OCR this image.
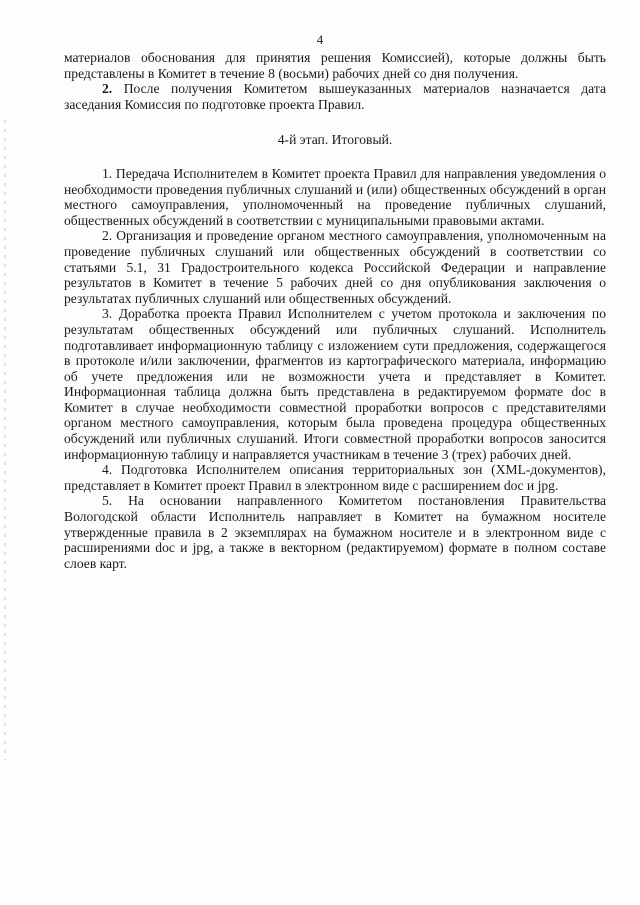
4

материалов обоснования для принятия решения Комиссией), которые должны быть представлены в Комитет в течение 8 (восьми) рабочих дней со дня получения.

2. После получения Комитетом вышеуказанных материалов назначается дата заседания Комиссия по подготовке проекта Правил.

4-й этап. Итоговый.

1. Передача Исполнителем в Комитет проекта Правил для направления уведомления о необходимости проведения публичных слушаний и (или) общественных обсуждений в орган местного самоуправления, уполномоченный на проведение публичных слушаний, общественных обсуждений в соответствии с муниципальными правовыми актами.

2. Организация и проведение органом местного самоуправления, уполномоченным на проведение публичных слушаний или общественных обсуждений в соответствии со статьями 5.1, 31 Градостроительного кодекса Российской Федерации и направление результатов в Комитет в течение 5 рабочих дней со дня опубликования заключения о результатах публичных слушаний или общественных обсуждений.

3. Доработка проекта Правил Исполнителем с учетом протокола и заключения по результатам общественных обсуждений или публичных слушаний. Исполнитель подготавливает информационную таблицу с изложением сути предложения, содержащегося в протоколе и/или заключении, фрагментов из картографического материала, информацию об учете предложения или не возможности учета и представляет в Комитет. Информационная таблица должна быть представлена в редактируемом формате doc в Комитет в случае необходимости совместной проработки вопросов с представителями органом местного самоуправления, которым была проведена процедура общественных обсуждений или публичных слушаний. Итоги совместной проработки вопросов заносится информационную таблицу и направляется участникам в течение 3 (трех) рабочих дней.

4. Подготовка Исполнителем описания территориальных зон (XML-документов), представляет в Комитет проект Правил в электронном виде с расширением doc и jpg.

5. На основании направленного Комитетом постановления Правительства Вологодской области Исполнитель направляет в Комитет на бумажном носителе утвержденные правила в 2 экземплярах на бумажном носителе и в электронном виде с расширениями doc и jpg, а также в векторном (редактируемом) формате в полном составе слоев карт.
